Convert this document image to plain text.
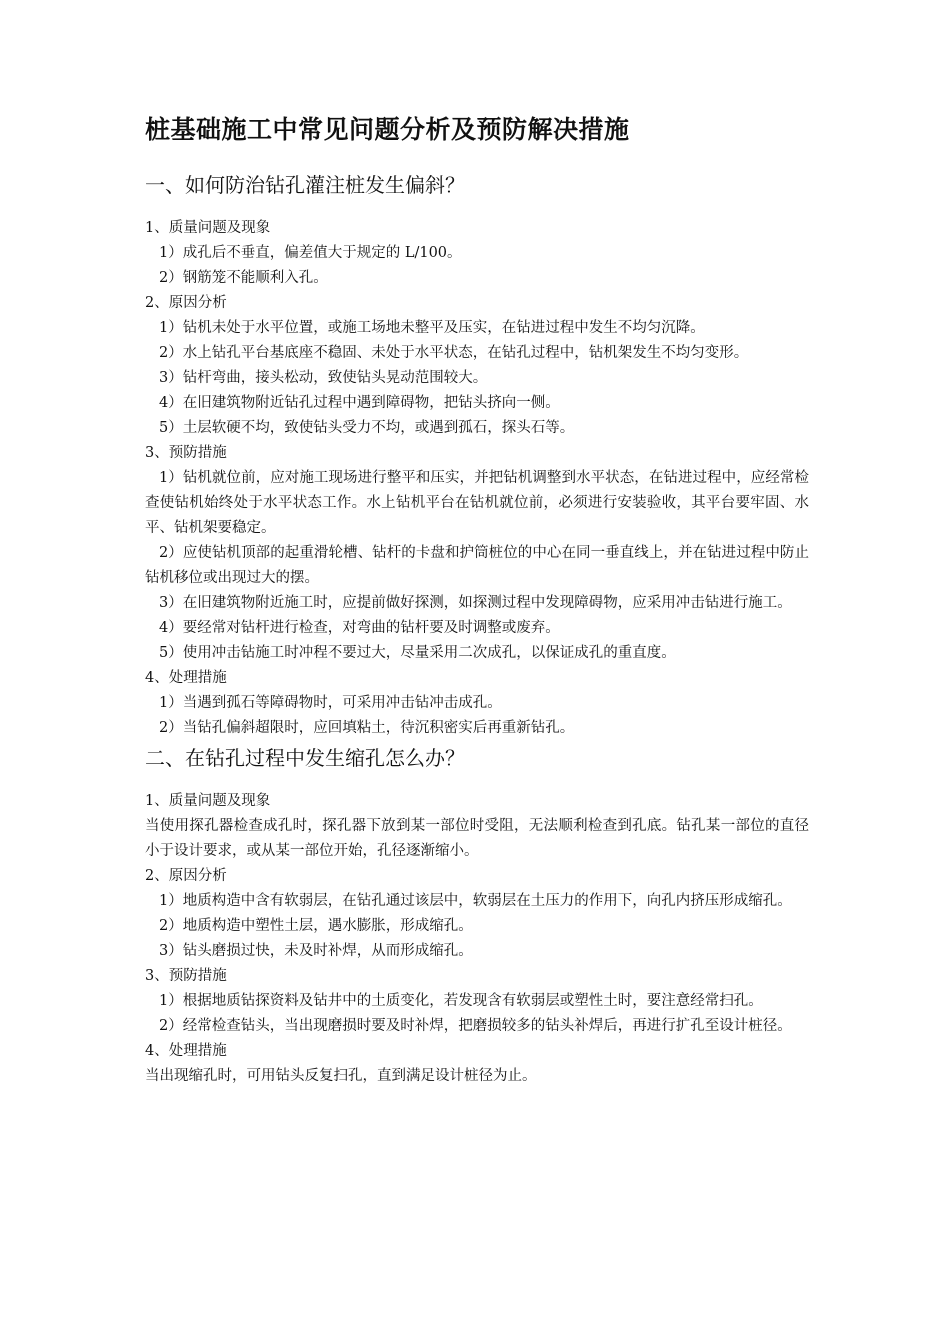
桩基础施工中常见问题分析及预防解决措施
一、如何防治钻孔灌注桩发生偏斜？

1、质量问题及现象

1）成孔后不垂直，偏差值大于规定的 L/100。

2）钢筋笼不能顺利入孔。

2、原因分析

1）钻机未处于水平位置，或施工场地未整平及压实，在钻进过程中发生不均匀沉降。

2）水上钻孔平台基底座不稳固、未处于水平状态，在钻孔过程中，钻机架发生不均匀变形。

3）钻杆弯曲，接头松动，致使钻头晃动范围较大。

4）在旧建筑物附近钻孔过程中遇到障碍物，把钻头挤向一侧。

5）土层软硬不均，致使钻头受力不均，或遇到孤石，探头石等。

3、预防措施

1）钻机就位前，应对施工现场进行整平和压实，并把钻机调整到水平状态，在钻进过程中，应经常检查使钻机始终处于水平状态工作。水上钻机平台在钻机就位前，必须进行安装验收，其平台要牢固、水平、钻机架要稳定。

2）应使钻机顶部的起重滑轮槽、钻杆的卡盘和护筒桩位的中心在同一垂直线上，并在钻进过程中防止钻机移位或出现过大的摆。

3）在旧建筑物附近施工时，应提前做好探测，如探测过程中发现障碍物，应采用冲击钻进行施工。

4）要经常对钻杆进行检查，对弯曲的钻杆要及时调整或废弃。

5）使用冲击钻施工时冲程不要过大，尽量采用二次成孔，以保证成孔的重直度。

4、处理措施

1）当遇到孤石等障碍物时，可采用冲击钻冲击成孔。

2）当钻孔偏斜超限时，应回填粘土，待沉积密实后再重新钻孔。

二、在钻孔过程中发生缩孔怎么办？

1、质量问题及现象

当使用探孔器检查成孔时，探孔器下放到某一部位时受阻，无法顺利检查到孔底。钻孔某一部位的直径小于设计要求，或从某一部位开始，孔径逐渐缩小。

2、原因分析

1）地质构造中含有软弱层，在钻孔通过该层中，软弱层在土压力的作用下，向孔内挤压形成缩孔。

2）地质构造中塑性土层，遇水膨胀，形成缩孔。

3）钻头磨损过快，未及时补焊，从而形成缩孔。

3、预防措施

1）根据地质钻探资料及钻井中的土质变化，若发现含有软弱层或塑性土时，要注意经常扫孔。

2）经常检查钻头，当出现磨损时要及时补焊，把磨损较多的钻头补焊后，再进行扩孔至设计桩径。

4、处理措施

当出现缩孔时，可用钻头反复扫孔，直到满足设计桩径为止。
